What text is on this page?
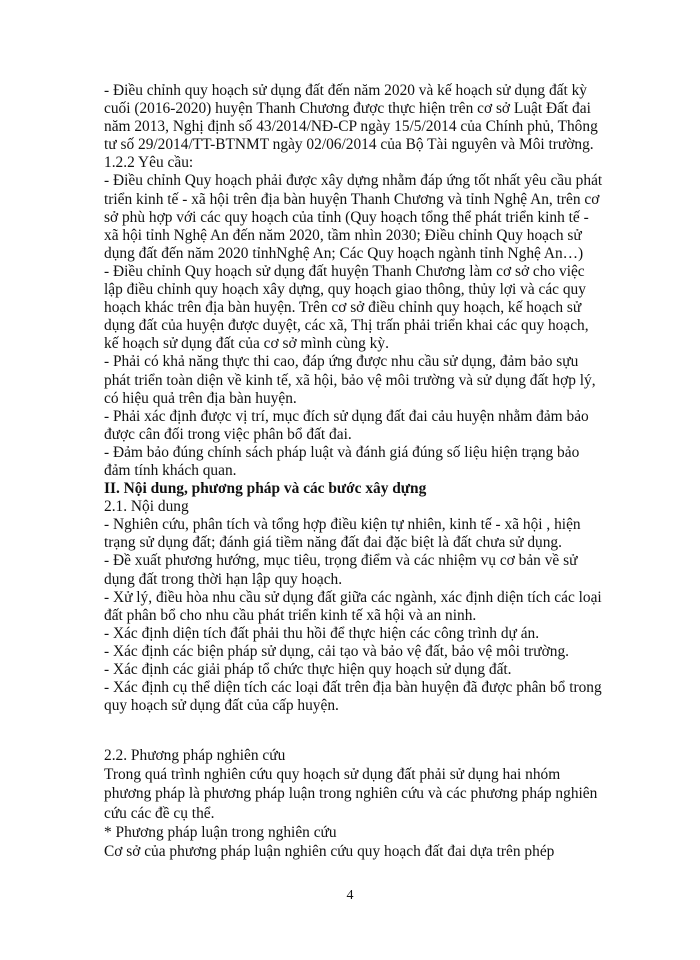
- Điều chỉnh quy hoạch sử dụng đất đến năm 2020 và kế hoạch sử dụng đất kỳ

cuối (2016-2020) huyện Thanh Chương được thực hiện trên cơ sở Luật Đất đai

năm 2013, Nghị định số 43/2014/NĐ-CP ngày 15/5/2014 của Chính phủ, Thông

tư số 29/2014/TT-BTNMT ngày 02/06/2014 của Bộ Tài nguyên và Môi trường.

1.2.2 Yêu cầu:

- Điều chỉnh Quy hoạch phải được xây dựng nhằm đáp ứng tốt nhất yêu cầu phát

triển kinh tế - xã hội trên địa bàn huyện Thanh Chương và tỉnh Nghệ An, trên cơ

sở phù hợp với các quy hoạch của tỉnh (Quy hoạch tổng thể phát triển kinh tế -

xã hội tỉnh Nghệ An đến năm 2020, tầm nhìn 2030; Điều chỉnh Quy hoạch sử

dụng đất đến năm 2020 tỉnhNghệ An; Các Quy hoạch ngành tỉnh Nghệ An…)

- Điều chỉnh Quy hoạch sử dụng đất huyện Thanh Chương làm cơ sở cho việc

lập điều chỉnh quy hoạch xây dựng, quy hoạch giao thông, thủy lợi và các quy

hoạch khác trên địa bàn huyện. Trên cơ sở điều chỉnh quy hoạch, kế hoạch sử

dụng đất của huyện được duyệt, các xã, Thị trấn phải triển khai các quy hoạch,

kế hoạch sử dụng đất của cơ sở mình cùng kỳ.

- Phải có khả năng thực thi cao, đáp ứng được nhu cầu sử dụng, đảm bảo sựu

phát triển toàn diện về kinh tế, xã hội, bảo vệ môi trường và sử dụng đất hợp lý,

có hiệu quả trên địa bàn huyện.

- Phải xác định được vị trí, mục đích sử dụng đất đai cảu huyện nhằm đảm bảo

được cân đối trong việc phân bổ đất đai.

- Đảm bảo đúng chính sách pháp luật và đánh giá đúng số liệu hiện trạng bảo

đảm tính khách quan.

II. Nội dung, phương pháp và các bước xây dựng

2.1. Nội dung

- Nghiên cứu, phân tích và tổng hợp điều kiện tự nhiên, kinh tế - xã hội , hiện

trạng sử dụng đất; đánh giá tiềm năng đất đai đặc biệt là đất chưa sử dụng.

- Đề xuất phương hướng, mục tiêu, trọng điểm và các nhiệm vụ cơ bản về sử

dụng đất trong thời hạn lập quy hoạch.

- Xử lý, điều hòa nhu cầu sử dụng đất giữa các ngành, xác định diện tích các loại

đất phân bổ cho nhu cầu phát triển kinh tế xã hội và an ninh.

- Xác định diện tích đất phải thu hồi để thực hiện các công trình dự án.

- Xác định các biện pháp sử dụng, cải tạo và bảo vệ đất, bảo vệ môi trường.

- Xác định các giải pháp tổ chức thực hiện quy hoạch sử dụng đất.

- Xác định cụ thể diện tích các loại đất trên địa bàn huyện đã được phân bổ trong

quy hoạch sử dụng đất của cấp huyện.

2.2. Phương pháp nghiên cứu

Trong quá trình nghiên cứu quy hoạch sử dụng đất phải sử dụng hai nhóm

phương pháp là phương pháp luận trong nghiên cứu và các phương pháp nghiên

cứu các đề cụ thể.

* Phương pháp luận trong nghiên cứu

Cơ sở của phương pháp luận nghiên cứu quy hoạch đất đai dựa trên phép

4
